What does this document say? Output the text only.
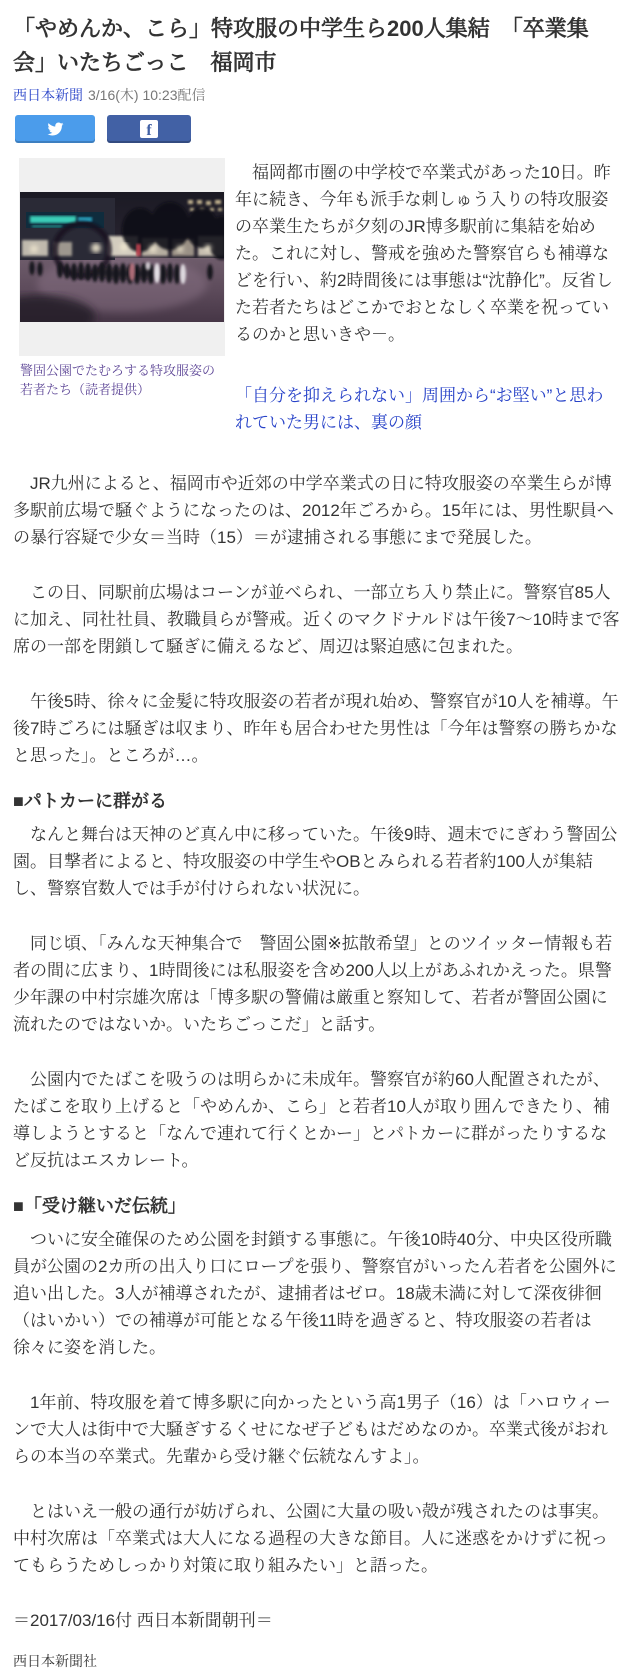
「やめんか、こら」特攻服の中学生ら200人集結　「卒業集会」いたちごっこ　福岡市
西日本新聞 3/16(木) 10:23配信
f
警固公園でたむろする特攻服姿の若者たち（読者提供）

　福岡都市圏の中学校で卒業式があった10日。昨年に続き、今年も派手な刺しゅう入りの特攻服姿の卒業生たちが夕刻のJR博多駅前に集結を始めた。これに対し、警戒を強めた警察官らも補導などを行い、約2時間後には事態は“沈静化”。反省した若者たちはどこかでおとなしく卒業を祝っているのかと思いきや－。

「自分を抑えられない」周囲から“お堅い”と思われていた男には、裏の顔

　JR九州によると、福岡市や近郊の中学卒業式の日に特攻服姿の卒業生らが博多駅前広場で騒ぐようになったのは、2012年ごろから。15年には、男性駅員への暴行容疑で少女＝当時（15）＝が逮捕される事態にまで発展した。

　この日、同駅前広場はコーンが並べられ、一部立ち入り禁止に。警察官85人に加え、同社社員、教職員らが警戒。近くのマクドナルドは午後7～10時まで客席の一部を閉鎖して騒ぎに備えるなど、周辺は緊迫感に包まれた。

　午後5時、徐々に金髪に特攻服姿の若者が現れ始め、警察官が10人を補導。午後7時ごろには騒ぎは収まり、昨年も居合わせた男性は「今年は警察の勝ちかなと思った」。ところが…。

■パトカーに群がる

　なんと舞台は天神のど真ん中に移っていた。午後9時、週末でにぎわう警固公園。目撃者によると、特攻服姿の中学生やOBとみられる若者約100人が集結し、警察官数人では手が付けられない状況に。

　同じ頃、「みんな天神集合で　警固公園※拡散希望」とのツイッター情報も若者の間に広まり、1時間後には私服姿を含め200人以上があふれかえった。県警少年課の中村宗雄次席は「博多駅の警備は厳重と察知して、若者が警固公園に流れたのではないか。いたちごっこだ」と話す。

　公園内でたばこを吸うのは明らかに未成年。警察官が約60人配置されたが、たばこを取り上げると「やめんか、こら」と若者10人が取り囲んできたり、補導しようとすると「なんで連れて行くとかー」とパトカーに群がったりするなど反抗はエスカレート。

■「受け継いだ伝統」

　ついに安全確保のため公園を封鎖する事態に。午後10時40分、中央区役所職員が公園の2カ所の出入り口にロープを張り、警察官がいったん若者を公園外に追い出した。3人が補導されたが、逮捕者はゼロ。18歳未満に対して深夜徘徊（はいかい）での補導が可能となる午後11時を過ぎると、特攻服姿の若者は徐々に姿を消した。

　1年前、特攻服を着て博多駅に向かったという高1男子（16）は「ハロウィーンで大人は街中で大騒ぎするくせになぜ子どもはだめなのか。卒業式後がおれらの本当の卒業式。先輩から受け継ぐ伝統なんすよ」。

　とはいえ一般の通行が妨げられ、公園に大量の吸い殻が残されたのは事実。中村次席は「卒業式は大人になる過程の大きな節目。人に迷惑をかけずに祝ってもらうためしっかり対策に取り組みたい」と語った。

＝2017/03/16付 西日本新聞朝刊＝

西日本新聞社
